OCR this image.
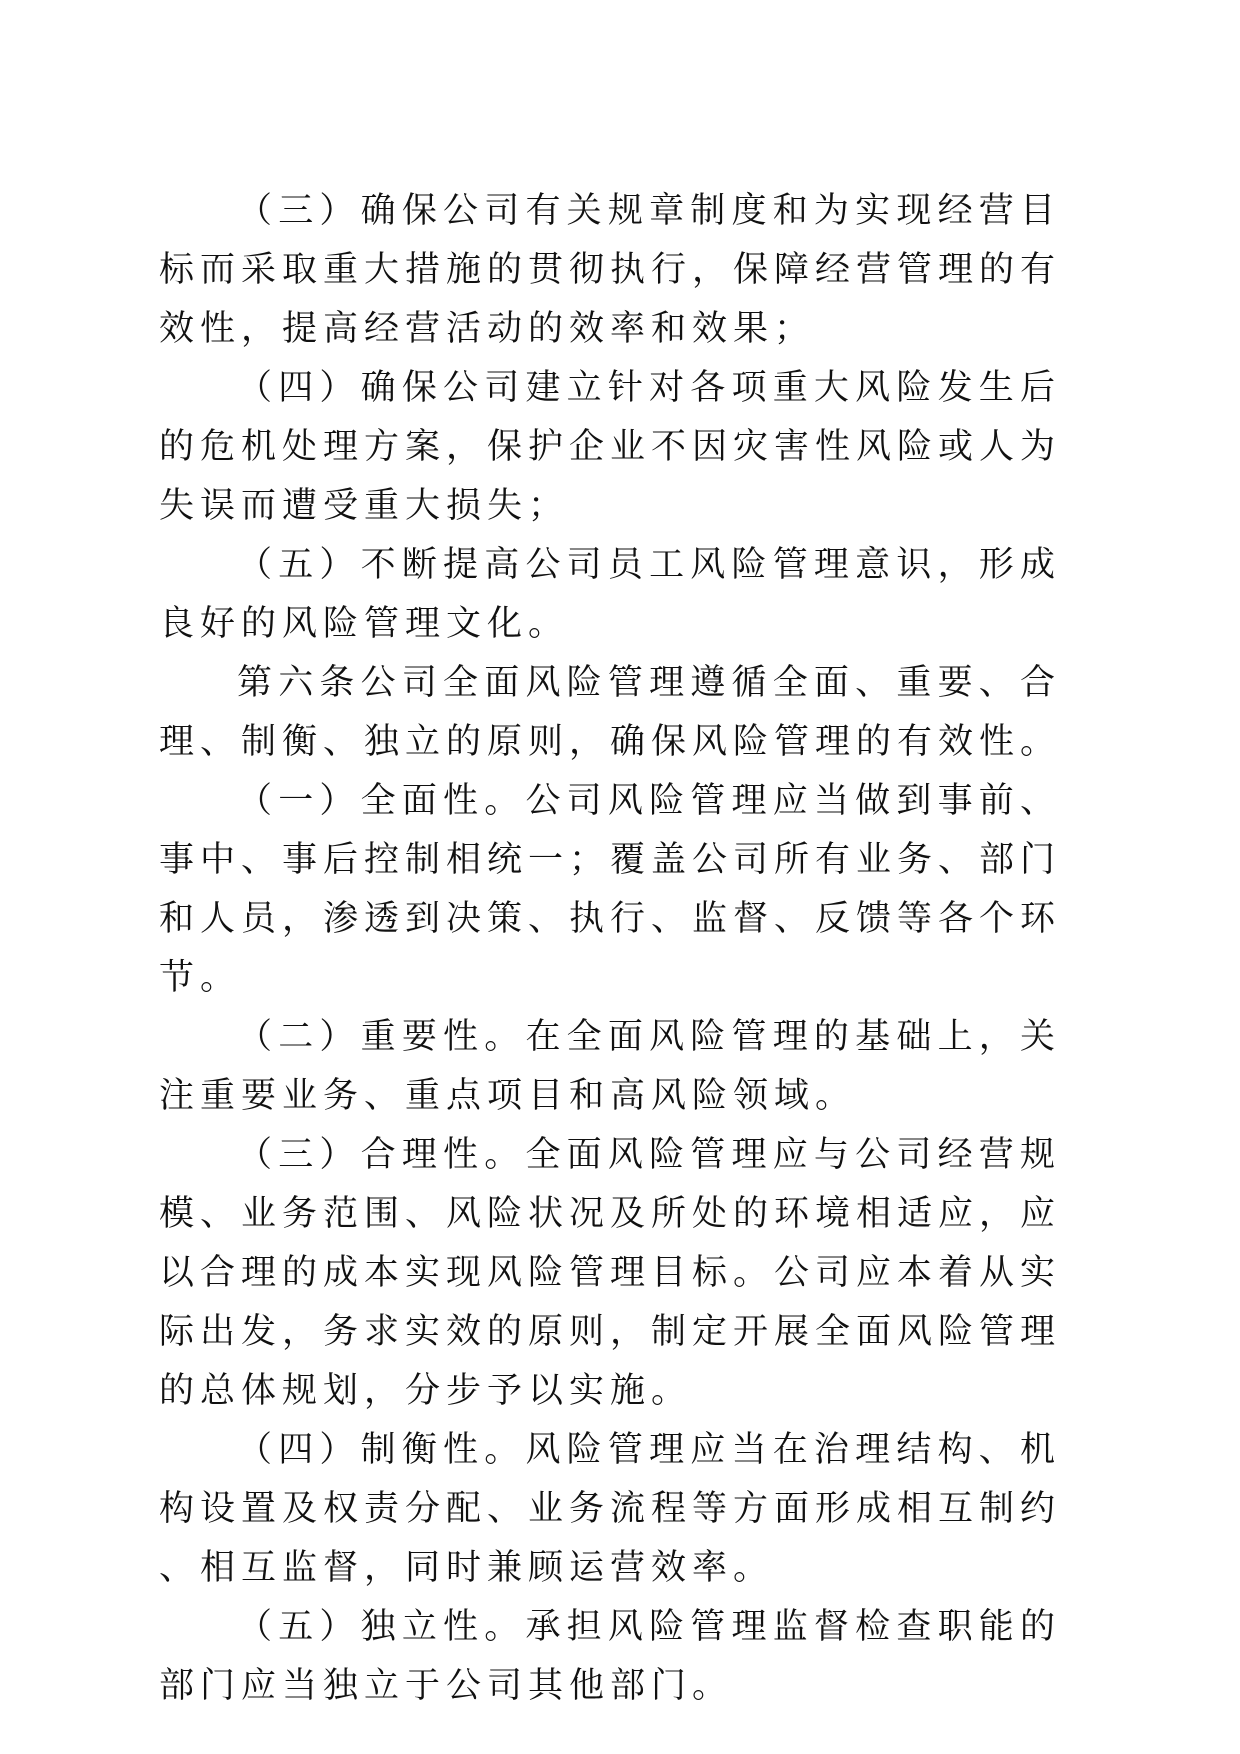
（三）确保公司有关规章制度和为实现经营目标而采取重大措施的贯彻执行，保障经营管理的有效性，提高经营活动的效率和效果；

（四）确保公司建立针对各项重大风险发生后的危机处理方案，保护企业不因灾害性风险或人为失误而遭受重大损失；

（五）不断提高公司员工风险管理意识，形成良好的风险管理文化。

第六条公司全面风险管理遵循全面、重要、合理、制衡、独立的原则，确保风险管理的有效性。

（一）全面性。公司风险管理应当做到事前、事中、事后控制相统一；覆盖公司所有业务、部门和人员，渗透到决策、执行、监督、反馈等各个环节。

（二）重要性。在全面风险管理的基础上，关注重要业务、重点项目和高风险领域。

（三）合理性。全面风险管理应与公司经营规模、业务范围、风险状况及所处的环境相适应，应以合理的成本实现风险管理目标。公司应本着从实际出发，务求实效的原则，制定开展全面风险管理的总体规划，分步予以实施。

（四）制衡性。风险管理应当在治理结构、机构设置及权责分配、业务流程等方面形成相互制约、相互监督，同时兼顾运营效率。

（五）独立性。承担风险管理监督检查职能的部门应当独立于公司其他部门。
